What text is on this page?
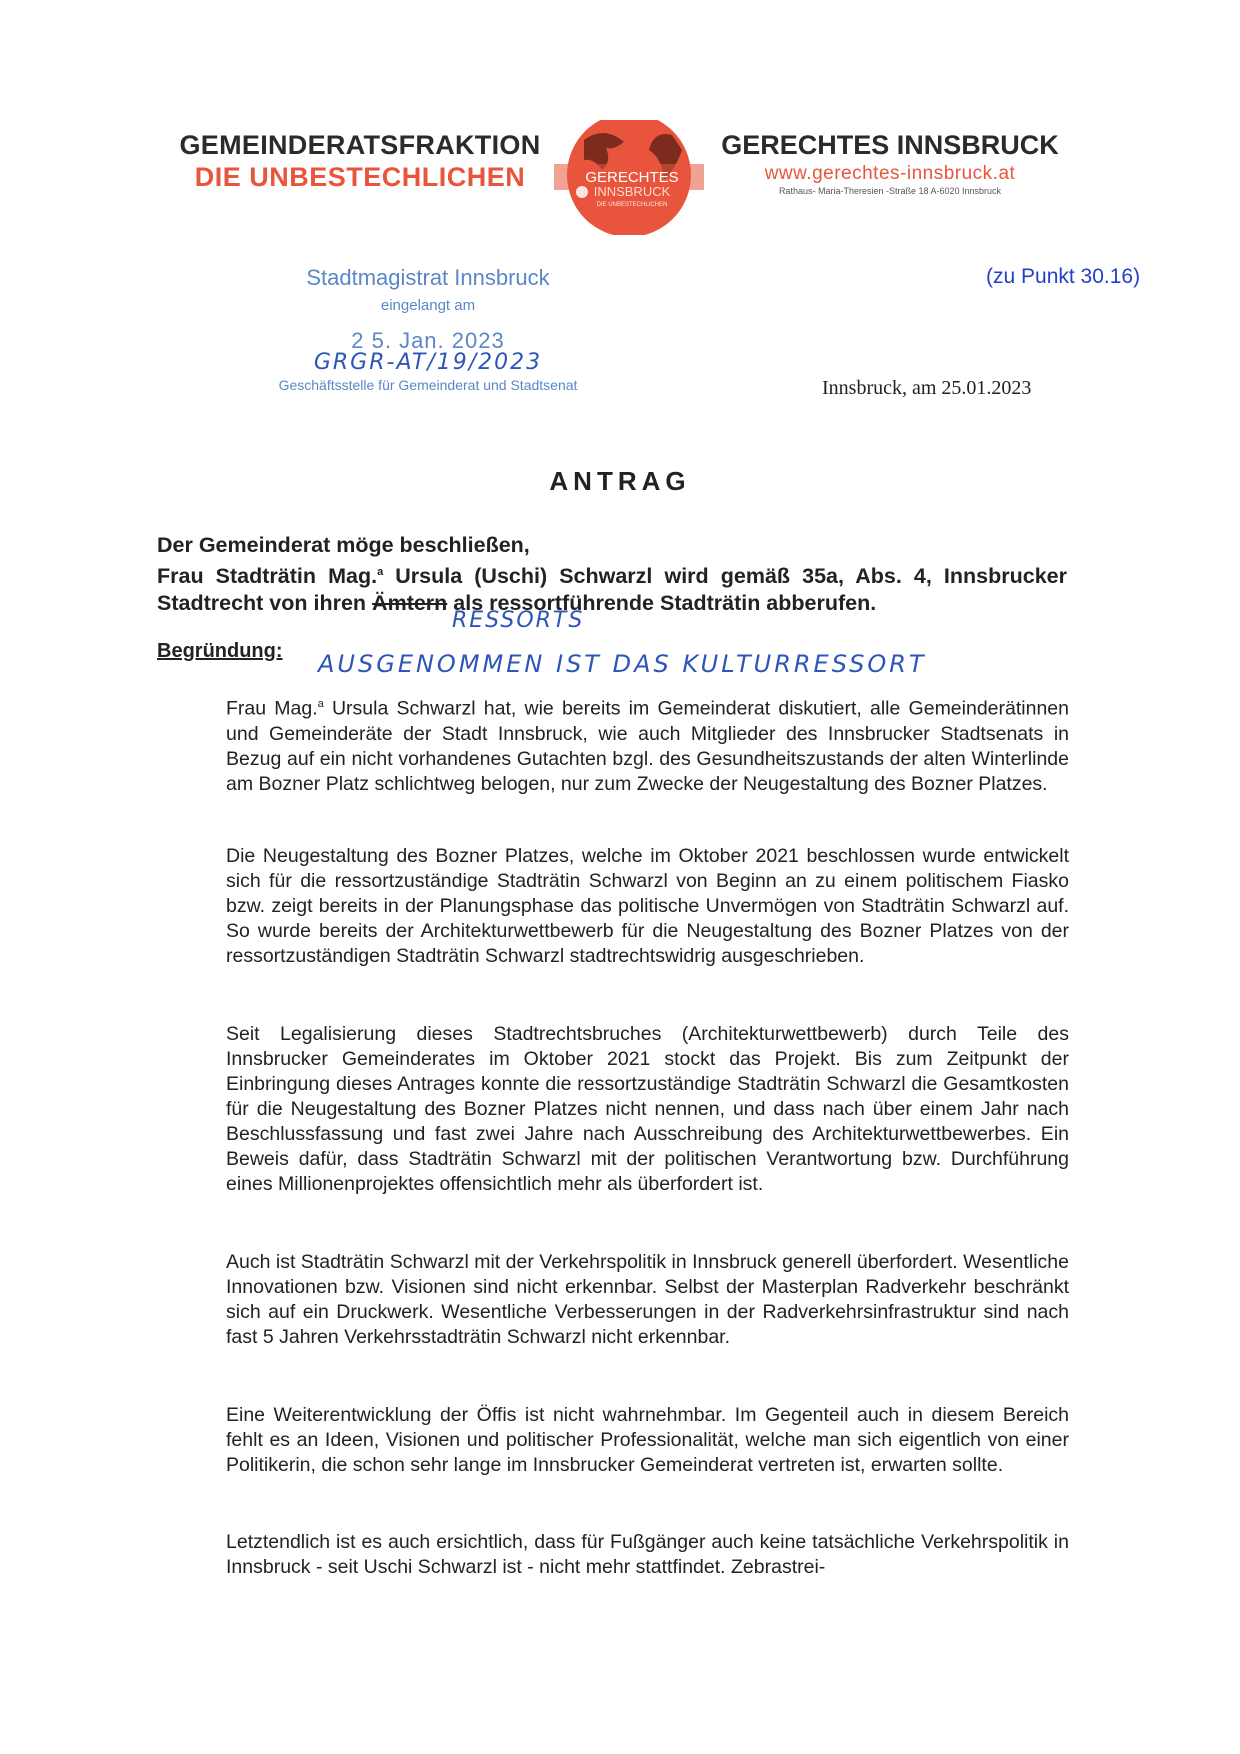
GEMEINDERATSFRAKTION
DIE UNBESTECHLICHEN	GERECHTES
INNSBRUCK
DIE UNBESTECHLICHEN
GERECHTES INNSBRUCK
www.gerechtes-innsbruck.at
Rathaus- Maria-Theresien -Straße 18 A-6020 Innsbruck
Stadtmagistrat Innsbruck
eingelangt am
2 5. Jan. 2023
GRGR-AT/19/2023
Geschäftsstelle für Gemeinderat und Stadtsenat
(zu Punkt 30.16)
Innsbruck, am 25.01.2023
ANTRAG
Der Gemeinderat möge beschließen,
Frau Stadträtin Mag.$^a$ Ursula (Uschi) Schwarzl wird gemäß 35a, Abs. 4, Innsbrucker Stadtrecht von ihren Ämtern als ressortführende Stadträtin abberufen.
RESSORTS
Begründung: AUSGENOMMEN IST DAS KULTURRESSORT

Frau Mag.$^a$ Ursula Schwarzl hat, wie bereits im Gemeinderat diskutiert, alle Gemeinderätinnen und Gemeinderäte der Stadt Innsbruck, wie auch Mitglieder des Innsbrucker Stadtsenats in Bezug auf ein nicht vorhandenes Gutachten bzgl. des Gesundheitszustands der alten Winterlinde am Bozner Platz schlichtweg belogen, nur zum Zwecke der Neugestaltung des Bozner Platzes.

Die Neugestaltung des Bozner Platzes, welche im Oktober 2021 beschlossen wurde entwickelt sich für die ressortzuständige Stadträtin Schwarzl von Beginn an zu einem politischem Fiasko bzw. zeigt bereits in der Planungsphase das politische Unvermögen von Stadträtin Schwarzl auf. So wurde bereits der Architekturwettbewerb für die Neugestaltung des Bozner Platzes von der ressortzuständigen Stadträtin Schwarzl stadtrechtswidrig ausgeschrieben.

Seit Legalisierung dieses Stadtrechtsbruches (Architekturwettbewerb) durch Teile des Innsbrucker Gemeinderates im Oktober 2021 stockt das Projekt. Bis zum Zeitpunkt der Einbringung dieses Antrages konnte die ressortzuständige Stadträtin Schwarzl die Gesamtkosten für die Neugestaltung des Bozner Platzes nicht nennen, und dass nach über einem Jahr nach Beschlussfassung und fast zwei Jahre nach Ausschreibung des Architekturwettbewerbes. Ein Beweis dafür, dass Stadträtin Schwarzl mit der politischen Verantwortung bzw. Durchführung eines Millionenprojektes offensichtlich mehr als überfordert ist.

Auch ist Stadträtin Schwarzl mit der Verkehrspolitik in Innsbruck generell überfordert. Wesentliche Innovationen bzw. Visionen sind nicht erkennbar. Selbst der Masterplan Radverkehr beschränkt sich auf ein Druckwerk. Wesentliche Verbesserungen in der Radverkehrsinfrastruktur sind nach fast 5 Jahren Verkehrsstadträtin Schwarzl nicht erkennbar.

Eine Weiterentwicklung der Öffis ist nicht wahrnehmbar. Im Gegenteil auch in diesem Bereich fehlt es an Ideen, Visionen und politischer Professionalität, welche man sich eigentlich von einer Politikerin, die schon sehr lange im Innsbrucker Gemeinderat vertreten ist, erwarten sollte.

Letztendlich ist es auch ersichtlich, dass für Fußgänger auch keine tatsächliche Verkehrspolitik in Innsbruck - seit Uschi Schwarzl ist - nicht mehr stattfindet. Zebrastrei-
